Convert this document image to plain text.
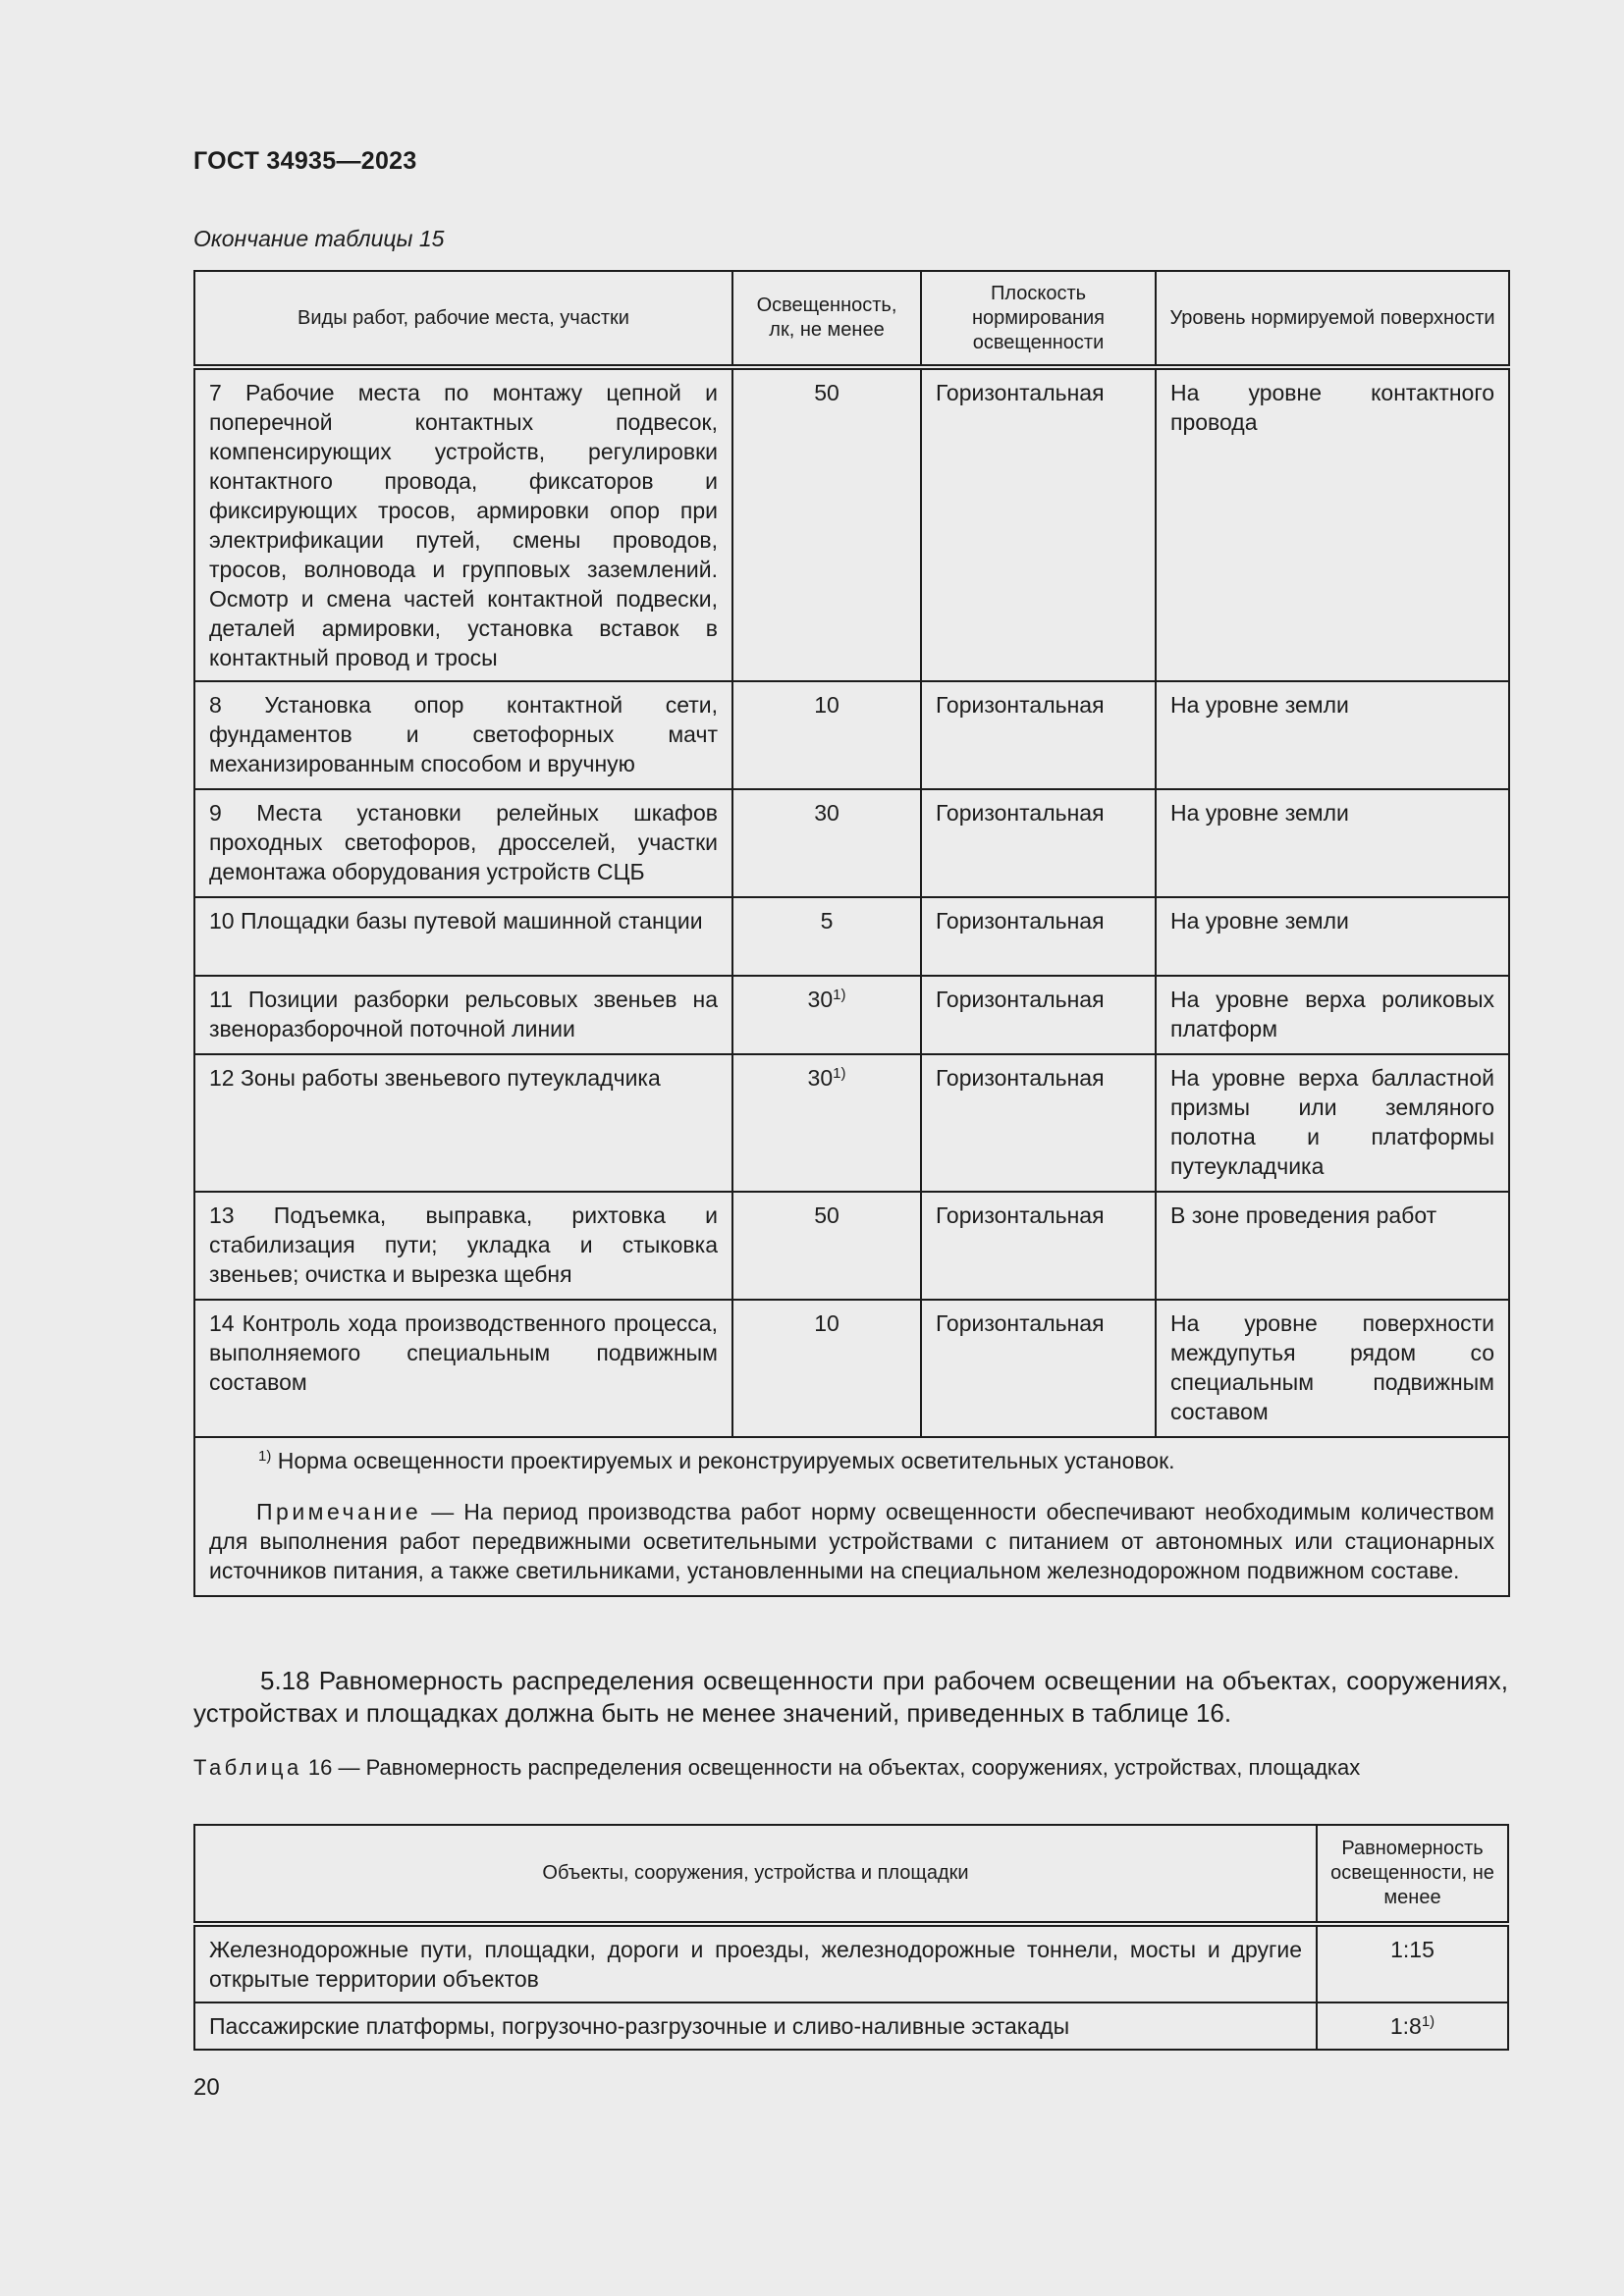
ГОСТ 34935—2023
Окончание таблицы 15
Виды работ, рабочие места, участки	Освещенность, лк, не менее	Плоскость нормирования освещенности	Уровень нормируемой поверхности
7 Рабочие места по монтажу цепной и поперечной контактных подвесок, компенсирующих устройств, регулировки контактного провода, фиксаторов и фиксирующих тросов, армировки опор при электрификации путей, смены проводов, тросов, волновода и групповых заземлений. Осмотр и смена частей контактной подвески, деталей армировки, установка вставок в контактный провод и тросы	50	Горизонтальная	На уровне контактного провода
8 Установка опор контактной сети, фундаментов и светофорных мачт механизированным способом и вручную	10	Горизонтальная	На уровне земли
9 Места установки релейных шкафов проходных светофоров, дросселей, участки демонтажа оборудования устройств СЦБ	30	Горизонтальная	На уровне земли
10 Площадки базы путевой машинной станции	5	Горизонтальная	На уровне земли
11 Позиции разборки рельсовых звеньев на звеноразборочной поточной линии	30$^{1)}$	Горизонтальная	На уровне верха роликовых платформ
12 Зоны работы звеньевого путеукладчика	30$^{1)}$	Горизонтальная	На уровне верха балластной призмы или земляного полотна и платформы путеукладчика
13 Подъемка, выправка, рихтовка и стабилизация пути; укладка и стыковка звеньев; очистка и вырезка щебня	50	Горизонтальная	В зоне проведения работ
14 Контроль хода производственного процесса, выполняемого специальным подвижным составом	10	Горизонтальная	На уровне поверхности междупутья рядом со специальным подвижным составом

$^{1)}$ Норма освещенности проектируемых и реконструируемых осветительных установок.
Примечание — На период производства работ норму освещенности обеспечивают необходимым количеством для выполнения работ передвижными осветительными устройствами с питанием от автономных или стационарных источников питания, а также светильниками, установленными на специальном железнодорожном подвижном составе.			
5.18 Равномерность распределения освещенности при рабочем освещении на объектах, сооружениях, устройствах и площадках должна быть не менее значений, приведенных в таблице 16.
Таблица 16 — Равномерность распределения освещенности на объектах, сооружениях, устройствах, площадках
Объекты, сооружения, устройства и площадки	Равномерность освещенности, не менее
Железнодорожные пути, площадки, дороги и проезды, железнодорожные тоннели, мосты и другие открытые территории объектов	1:15
Пассажирские платформы, погрузочно-разгрузочные и сливо-наливные эстакады	1:8$^{1)}$
20
